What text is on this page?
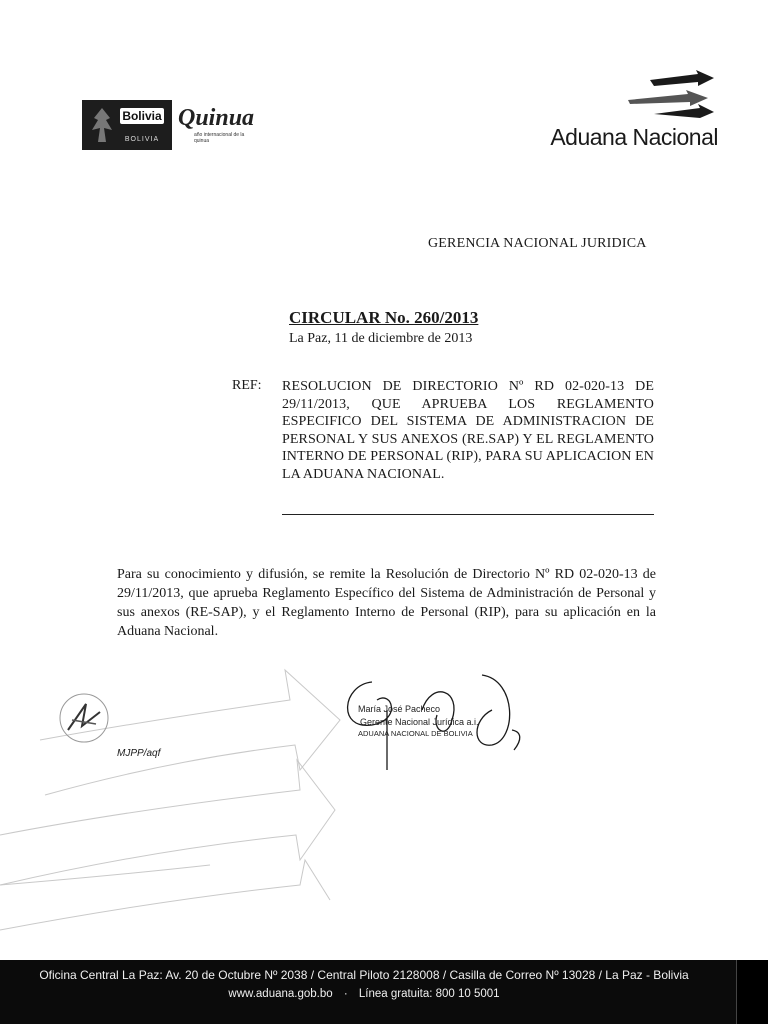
Bolivia
BOLIVIA
Quinua
año internacional de la quinua	Aduana Nacional
GERENCIA NACIONAL JURIDICA
CIRCULAR No. 260/2013
La Paz, 11 de diciembre de 2013
REF: RESOLUCION DE DIRECTORIO Nº RD 02-020-13 DE 29/11/2013, QUE APRUEBA LOS REGLAMENTO ESPECIFICO DEL SISTEMA DE ADMINISTRACION DE PERSONAL Y SUS ANEXOS (RE.SAP) Y EL REGLAMENTO INTERNO DE PERSONAL (RIP), PARA SU APLICACION EN LA ADUANA NACIONAL.
Para su conocimiento y difusión, se remite la Resolución de Directorio Nº RD 02-020-13 de 29/11/2013, que aprueba Reglamento Específico del Sistema de Administración de Personal y sus anexos (RE-SAP), y el Reglamento Interno de Personal (RIP), para su aplicación en la Aduana Nacional.
MJPP/aqf
María José Pacheco
Gerente Nacional Jurídica a.i.
ADUANA NACIONAL DE BOLIVIA
Oficina Central La Paz: Av. 20 de Octubre Nº 2038 / Central Piloto 2128008 / Casilla de Correo Nº 13028 / La Paz - Bolivia
www.aduana.gob.bo · Línea gratuita: 800 10 5001
